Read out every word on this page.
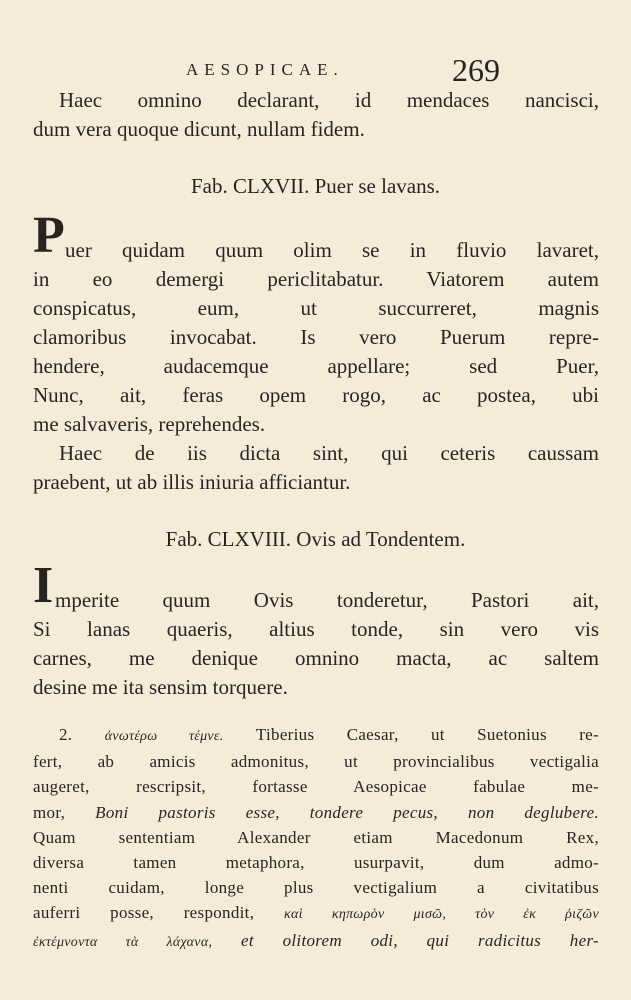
AESOPICAE.	269
Haec omnino declarant, id mendaces nancisci,
dum vera quoque dicunt, nullam fidem.
Fab. CLXVII. Puer se lavans.
P uer quidam quum olim se in fluvio lavaret,
in eo demergi periclitabatur. Viatorem autem
conspicatus, eum, ut succurreret, magnis
clamoribus invocabat. Is vero Puerum repre-
hendere, audacemque appellare; sed Puer,
Nunc, ait, feras opem rogo, ac postea, ubi
me salvaveris, reprehendes.
Haec de iis dicta sint, qui ceteris caussam
praebent, ut ab illis iniuria afficiantur.
Fab. CLXVIII. Ovis ad Tondentem.
I mperite quum Ovis tonderetur, Pastori ait,
Si lanas quaeris, altius tonde, sin vero vis
carnes, me denique omnino macta, ac saltem
desine me ita sensim torquere.
2. ἀνωτέρω τέμνε. Tiberius Caesar, ut Suetonius re-
fert, ab amicis admonitus, ut provincialibus vectigalia
augeret, rescripsit, fortasse Aesopicae fabulae me-
mor, Boni pastoris esse, tondere pecus, non deglubere.
Quam sententiam Alexander etiam Macedonum Rex,
diversa tamen metaphora, usurpavit, dum admo-
nenti cuidam, longe plus vectigalium a civitatibus
auferri posse, respondit, καὶ κηπωρὸν μισῶ, τὸν ἐκ ῥιζῶν
ἐκτέμνοντα τὰ λάχανα, et olitorem odi, qui radicitus her-
